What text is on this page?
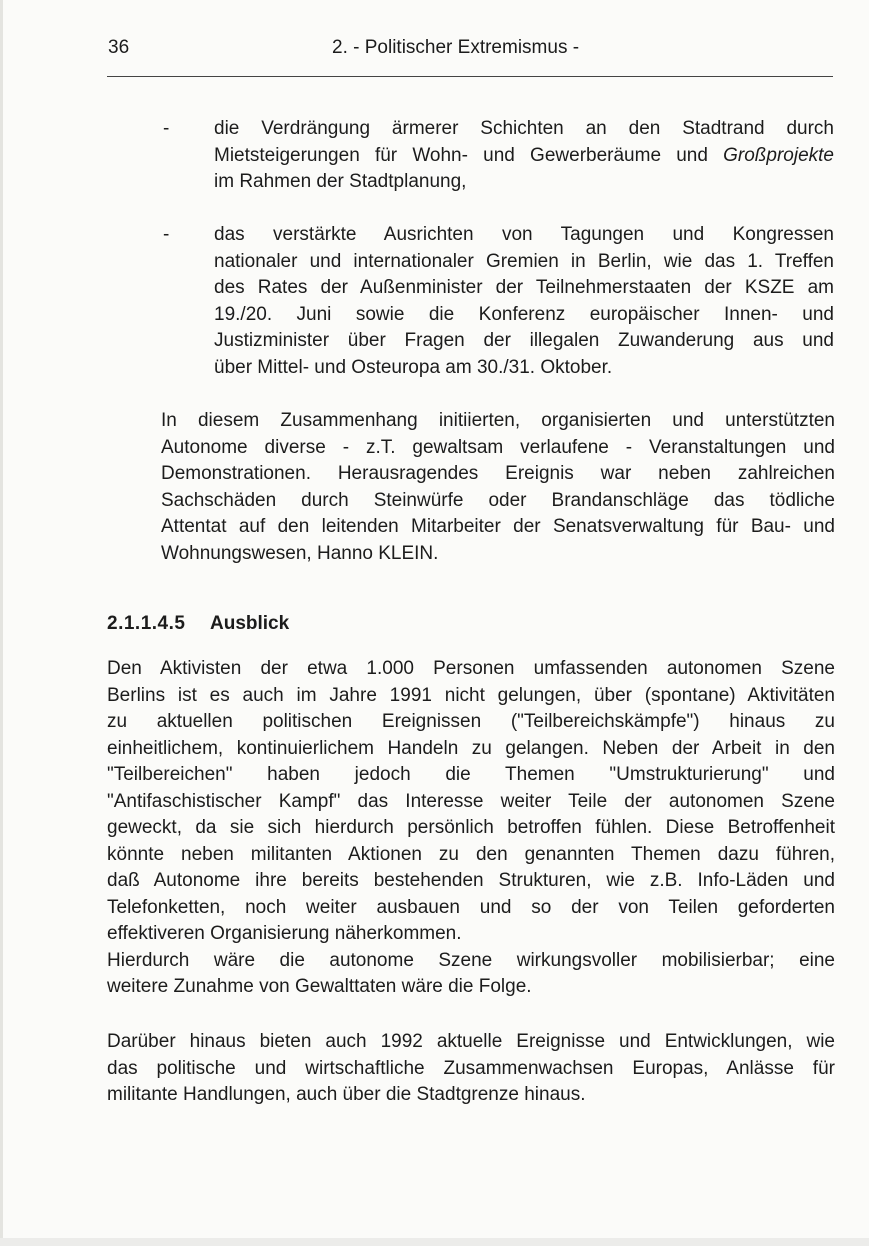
36	2. - Politischer Extremismus -
- die Verdrängung ärmerer Schichten an den Stadtrand durch
Mietsteigerungen für Wohn- und Gewerberäume und Großprojekte
im Rahmen der Stadtplanung,
- das verstärkte Ausrichten von Tagungen und Kongressen
nationaler und internationaler Gremien in Berlin, wie das 1. Treffen
des Rates der Außenminister der Teilnehmerstaaten der KSZE am
19./20. Juni sowie die Konferenz europäischer Innen- und
Justizminister über Fragen der illegalen Zuwanderung aus und
über Mittel- und Osteuropa am 30./31. Oktober.
In diesem Zusammenhang initiierten, organisierten und unterstützten
Autonome diverse - z.T. gewaltsam verlaufene - Veranstaltungen und
Demonstrationen. Herausragendes Ereignis war neben zahlreichen
Sachschäden durch Steinwürfe oder Brandanschläge das tödliche
Attentat auf den leitenden Mitarbeiter der Senatsverwaltung für Bau- und
Wohnungswesen, Hanno KLEIN.
2.1.1.4.5 Ausblick
Den Aktivisten der etwa 1.000 Personen umfassenden autonomen Szene
Berlins ist es auch im Jahre 1991 nicht gelungen, über (spontane) Aktivitäten
zu aktuellen politischen Ereignissen ("Teilbereichskämpfe") hinaus zu
einheitlichem, kontinuierlichem Handeln zu gelangen. Neben der Arbeit in den
"Teilbereichen" haben jedoch die Themen "Umstrukturierung" und
"Antifaschistischer Kampf" das Interesse weiter Teile der autonomen Szene
geweckt, da sie sich hierdurch persönlich betroffen fühlen. Diese Betroffenheit
könnte neben militanten Aktionen zu den genannten Themen dazu führen,
daß Autonome ihre bereits bestehenden Strukturen, wie z.B. Info-Läden und
Telefonketten, noch weiter ausbauen und so der von Teilen geforderten
effektiveren Organisierung näherkommen.
Hierdurch wäre die autonome Szene wirkungsvoller mobilisierbar; eine
weitere Zunahme von Gewalttaten wäre die Folge.
Darüber hinaus bieten auch 1992 aktuelle Ereignisse und Entwicklungen, wie
das politische und wirtschaftliche Zusammenwachsen Europas, Anlässe für
militante Handlungen, auch über die Stadtgrenze hinaus.
